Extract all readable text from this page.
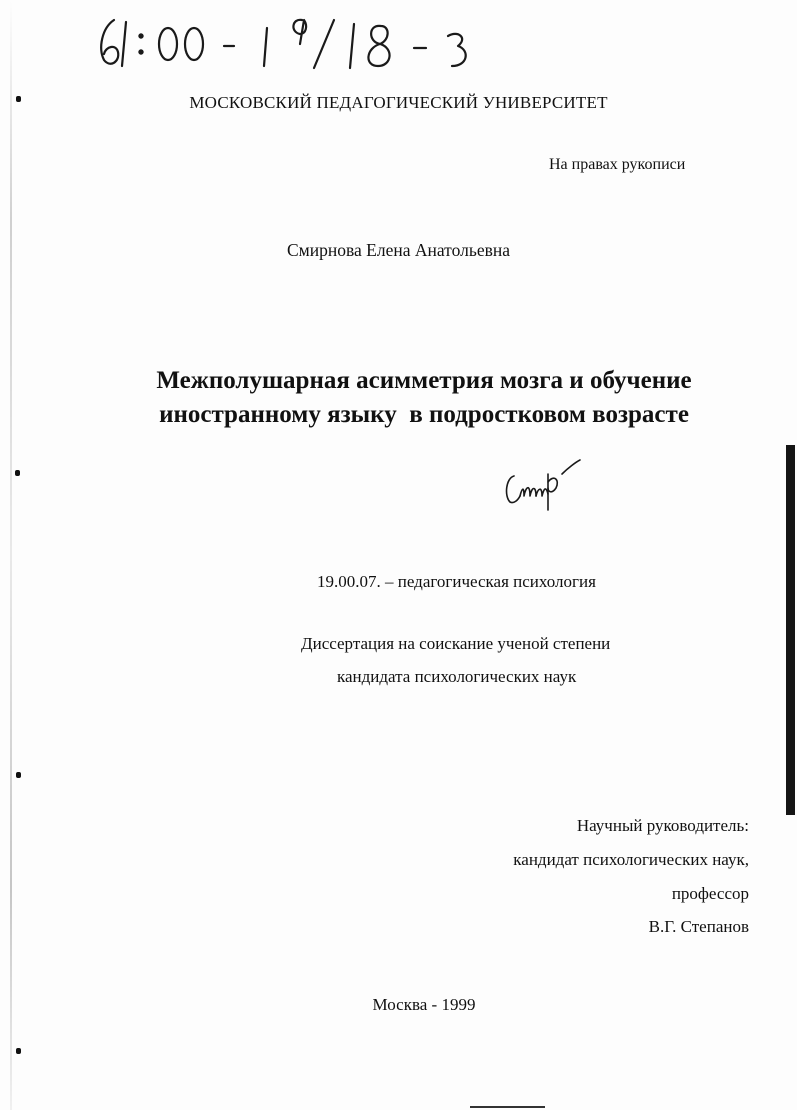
МОСКОВСКИЙ ПЕДАГОГИЧЕСКИЙ УНИВЕРСИТЕТ
На правах рукописи
Смирнова Елена Анатольевна
Межполушарная асимметрия мозга и обучение
иностранному языку  в подростковом возрасте
19.00.07. – педагогическая психология
Диссертация на соискание ученой степени
кандидата психологических наук
Научный руководитель:
кандидат психологических наук,
профессор
В.Г. Степанов
Москва - 1999
